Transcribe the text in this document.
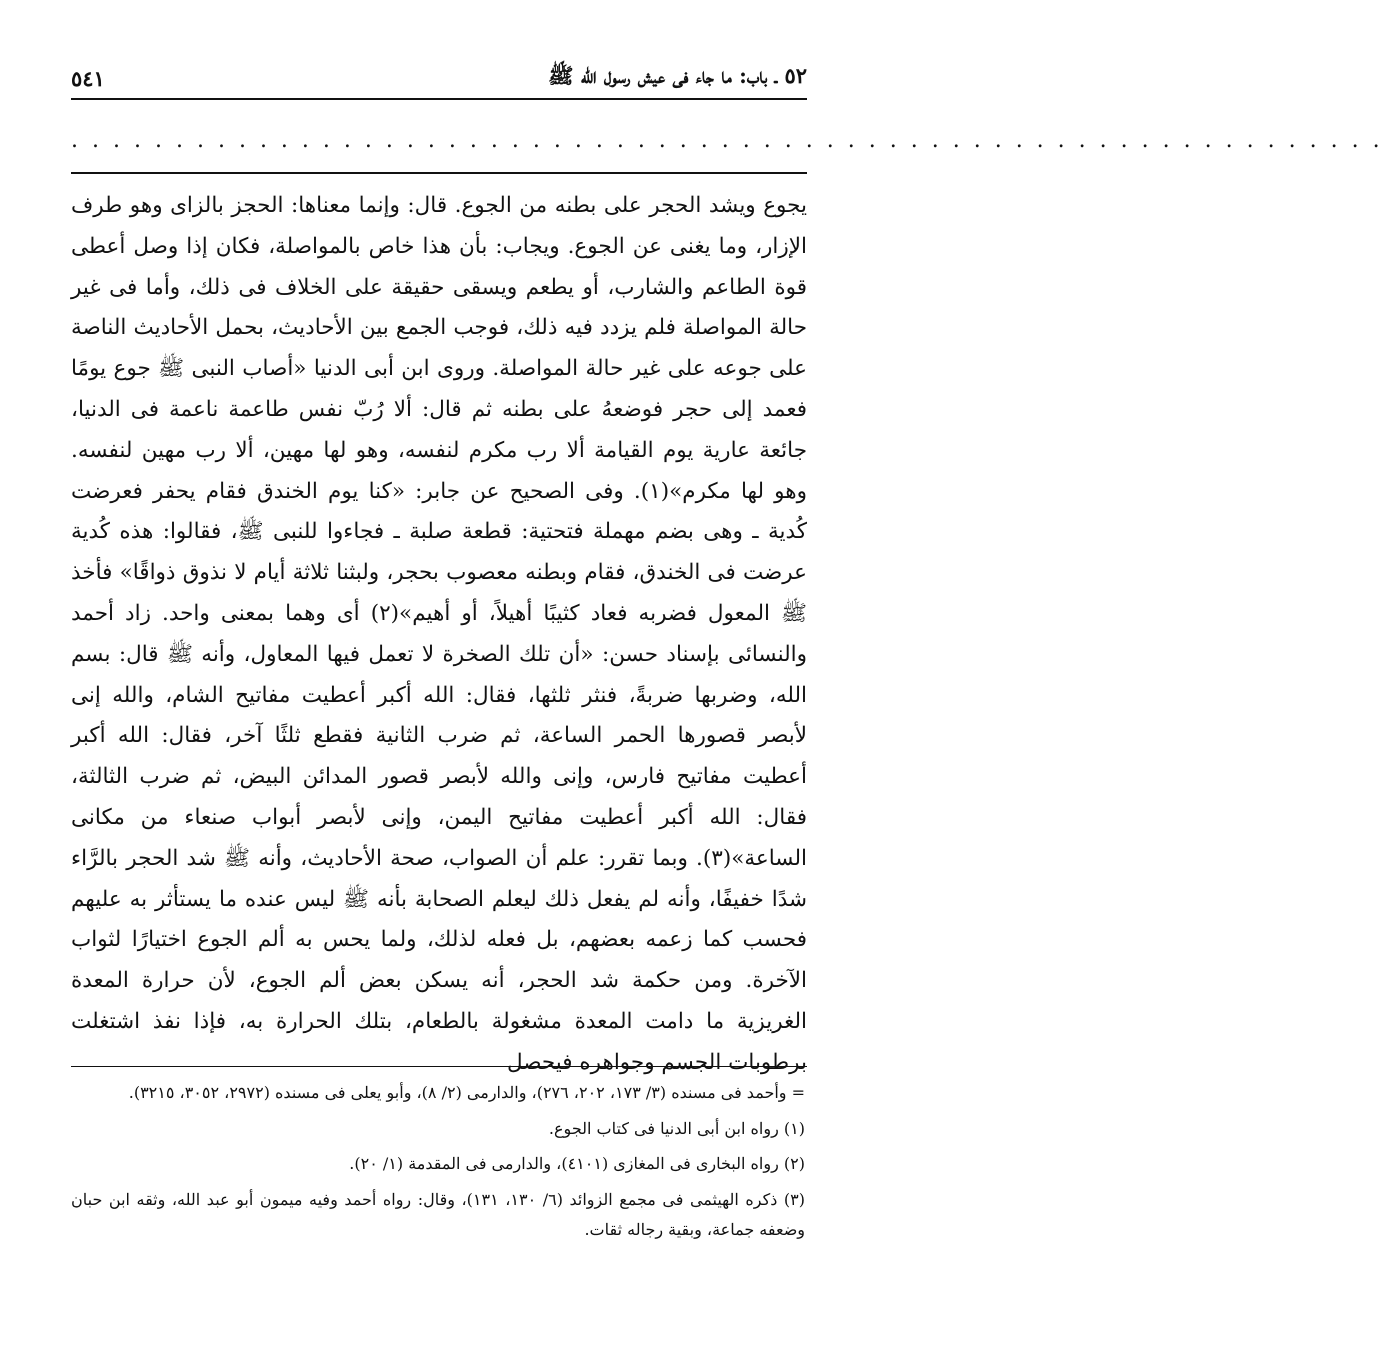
٥٢ ـ باب: ما جاء فى عيش رسول الله ﷺ
٥٤١
...............................................................

يجوع ويشد الحجر على بطنه من الجوع. قال: وإنما معناها: الحجز بالزاى وهو طرف الإزار، وما يغنى عن الجوع. ويجاب: بأن هذا خاص بالمواصلة، فكان إذا وصل أعطى قوة الطاعم والشارب، أو يطعم ويسقى حقيقة على الخلاف فى ذلك، وأما فى غير حالة المواصلة فلم يزدد فيه ذلك، فوجب الجمع بين الأحاديث، بحمل الأحاديث الناصة على جوعه على غير حالة المواصلة. وروى ابن أبى الدنيا «أصاب النبى ﷺ جوع يومًا فعمد إلى حجر فوضعهُ على بطنه ثم قال: ألا رُبّ نفس طاعمة ناعمة فى الدنيا، جائعة عارية يوم القيامة ألا رب مكرم لنفسه، وهو لها مهين، ألا رب مهين لنفسه. وهو لها مكرم»(١). وفى الصحيح عن جابر: «كنا يوم الخندق فقام يحفر فعرضت كُدية ـ وهى بضم مهملة فتحتية: قطعة صلبة ـ فجاءوا للنبى ﷺ، فقالوا: هذه كُدية عرضت فى الخندق، فقام وبطنه معصوب بحجر، ولبثنا ثلاثة أيام لا نذوق ذواقًا» فأخذ ﷺ المعول فضربه فعاد كثيبًا أهيلاً، أو أهيم»(٢) أى وهما بمعنى واحد. زاد أحمد والنسائى بإسناد حسن: «أن تلك الصخرة لا تعمل فيها المعاول، وأنه ﷺ قال: بسم الله، وضربها ضربةً، فنثر ثلثها، فقال: الله أكبر أعطيت مفاتيح الشام، والله إنى لأبصر قصورها الحمر الساعة، ثم ضرب الثانية فقطع ثلثًا آخر، فقال: الله أكبر أعطيت مفاتيح فارس، وإنى والله لأبصر قصور المدائن البيض، ثم ضرب الثالثة، فقال: الله أكبر أعطيت مفاتيح اليمن، وإنى لأبصر أبواب صنعاء من مكانى الساعة»(٣). وبما تقرر: علم أن الصواب، صحة الأحاديث، وأنه ﷺ شد الحجر بالرَّاء شدًا خفيفًا، وأنه لم يفعل ذلك ليعلم الصحابة بأنه ﷺ ليس عنده ما يستأثر به عليهم فحسب كما زعمه بعضهم، بل فعله لذلك، ولما يحس به ألم الجوع اختيارًا لثواب الآخرة. ومن حكمة شد الحجر، أنه يسكن بعض ألم الجوع، لأن حرارة المعدة الغريزية ما دامت المعدة مشغولة بالطعام، بتلك الحرارة به، فإذا نفذ اشتغلت برطوبات الجسم وجواهره فيحصل

= وأحمد فى مسنده (٣/ ١٧٣، ٢٠٢، ٢٧٦)، والدارمى (٢/ ٨)، وأبو يعلى فى مسنده (٢٩٧٢، ٣٠٥٢، ٣٢١٥).

(١) رواه ابن أبى الدنيا فى كتاب الجوع.

(٢) رواه البخارى فى المغازى (٤١٠١)، والدارمى فى المقدمة (١/ ٢٠).

(٣) ذكره الهيثمى فى مجمع الزوائد (٦/ ١٣٠، ١٣١)، وقال: رواه أحمد وفيه ميمون أبو عبد الله، وثقه ابن حبان وضعفه جماعة، وبقية رجاله ثقات.
